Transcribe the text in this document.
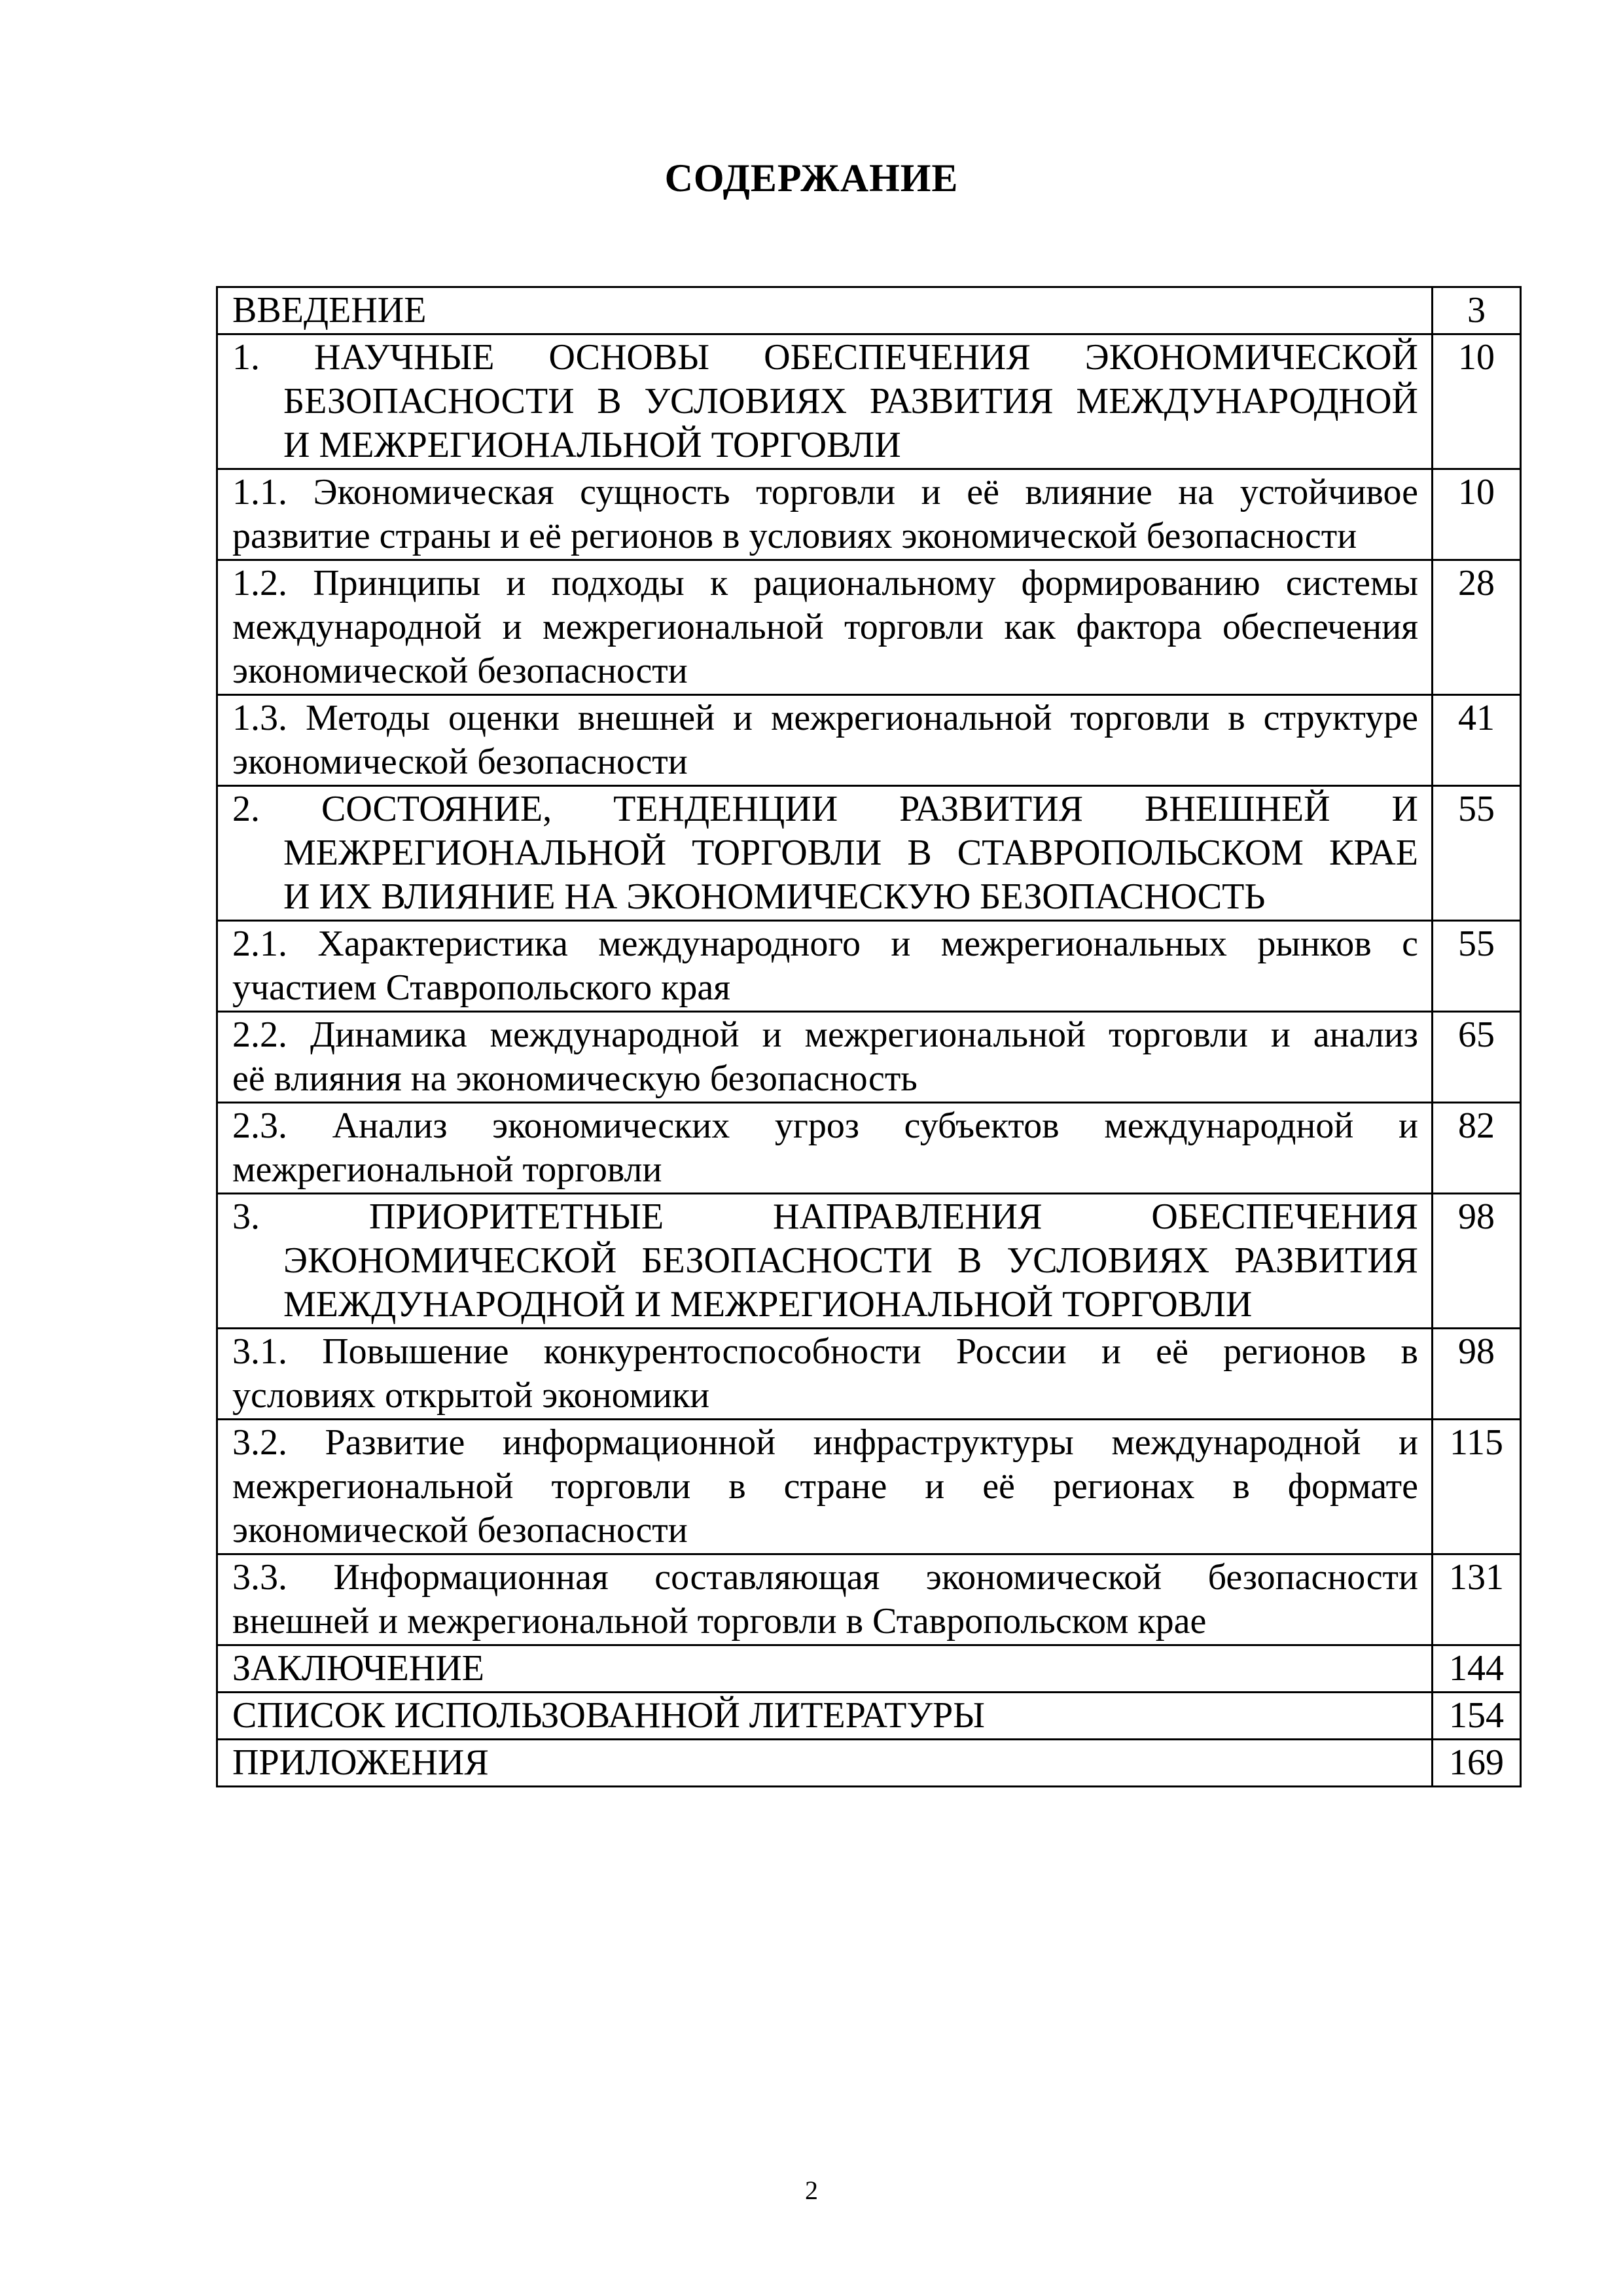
СОДЕРЖАНИЕ
ВВЕДЕНИЕ	3

1. НАУЧНЫЕ ОСНОВЫ ОБЕСПЕЧЕНИЯ ЭКОНОМИЧЕСКОЙ
БЕЗОПАСНОСТИ В УСЛОВИЯХ РАЗВИТИЯ МЕЖДУНАРОДНОЙ
И МЕЖРЕГИОНАЛЬНОЙ ТОРГОВЛИ	10

1.1. Экономическая сущность торговли и её влияние на устойчивое
развитие страны и её регионов в условиях экономической безопасности	10

1.2. Принципы и подходы к рациональному формированию системы
международной и межрегиональной торговли как фактора обеспечения
экономической безопасности	28

1.3. Методы оценки внешней и межрегиональной торговли в структуре
экономической безопасности	41

2. СОСТОЯНИЕ, ТЕНДЕНЦИИ РАЗВИТИЯ ВНЕШНЕЙ И
МЕЖРЕГИОНАЛЬНОЙ ТОРГОВЛИ В СТАВРОПОЛЬСКОМ КРАЕ
И ИХ ВЛИЯНИЕ НА ЭКОНОМИЧЕСКУЮ БЕЗОПАСНОСТЬ	55

2.1. Характеристика международного и межрегиональных рынков с
участием Ставропольского края	55

2.2. Динамика международной и межрегиональной торговли и анализ
её влияния на экономическую безопасность	65

2.3. Анализ экономических угроз субъектов международной и
межрегиональной торговли	82

3. ПРИОРИТЕТНЫЕ НАПРАВЛЕНИЯ ОБЕСПЕЧЕНИЯ
ЭКОНОМИЧЕСКОЙ БЕЗОПАСНОСТИ В УСЛОВИЯХ РАЗВИТИЯ
МЕЖДУНАРОДНОЙ И МЕЖРЕГИОНАЛЬНОЙ ТОРГОВЛИ	98

3.1. Повышение конкурентоспособности России и её регионов в
условиях открытой экономики	98

3.2. Развитие информационной инфраструктуры международной и
межрегиональной торговли в стране и её регионах в формате
экономической безопасности	115

3.3. Информационная составляющая экономической безопасности
внешней и межрегиональной торговли в Ставропольском крае	131

ЗАКЛЮЧЕНИЕ	144

СПИСОК ИСПОЛЬЗОВАННОЙ ЛИТЕРАТУРЫ	154

ПРИЛОЖЕНИЯ	169
2
